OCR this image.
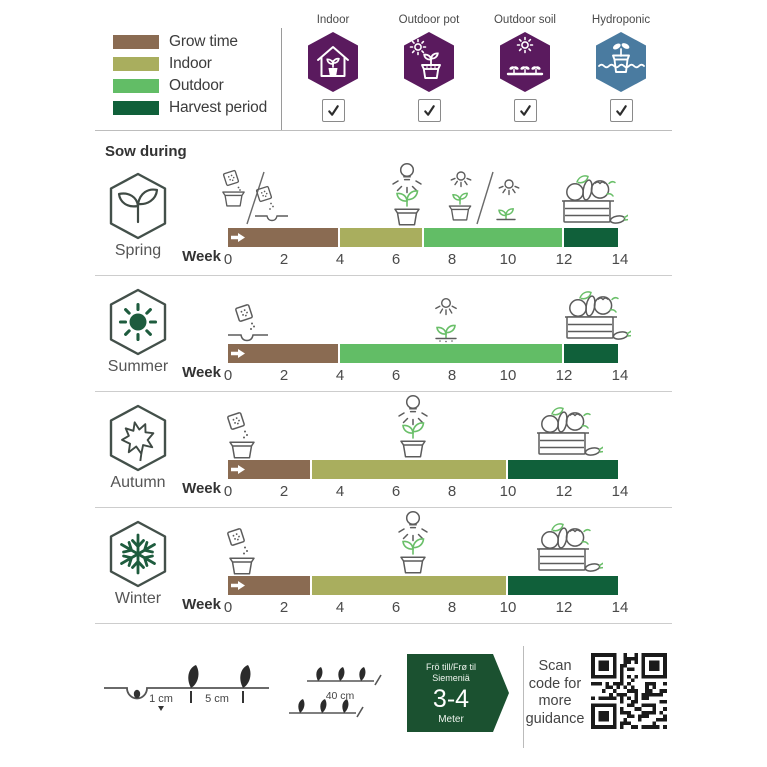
Grow time
Indoor
Outdoor
Harvest period
Indoor	Outdoor pot	Outdoor soil	Hydroponic
Sow during
Spring	Week 0	2	4	6	8	10	12	14
Summer Week 0	2	4	6	8	10	12	14
Autumn	Week 0	2	4	6	8	10	12	14
Winter	Week 0	2	4	6	8	10	12	14
1 cm	5 cm	40 cm
Frö till/Frø til
Siemeniä
3-4
Meter
Scan code for more guidance
